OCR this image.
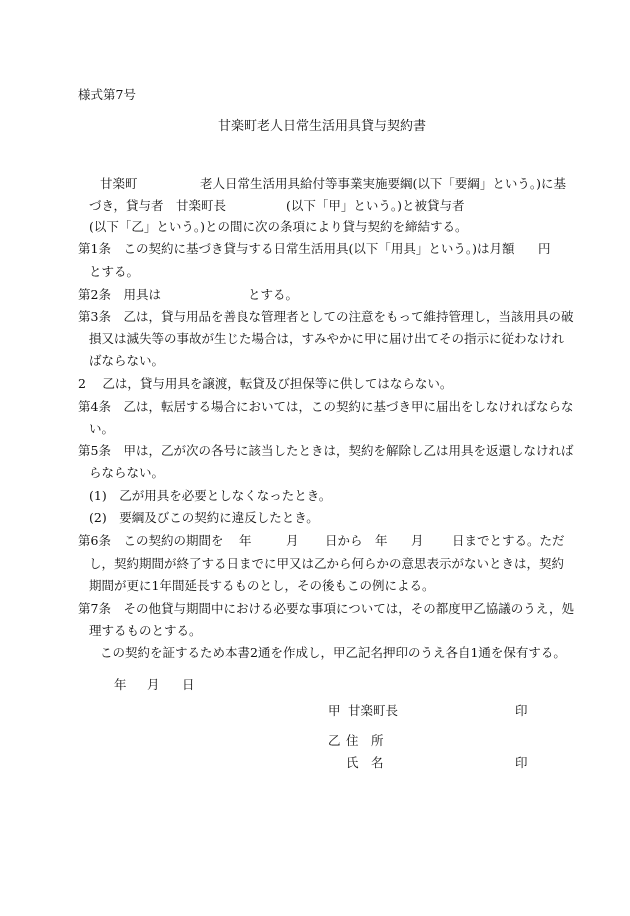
様式第7号
甘楽町老人日常生活用具貸与契約書
甘楽町	老人日常生活用具給付等事業実施要綱(以下「要綱」という。)に基
づき，貸与者　甘楽町長	(以下「甲」という。)と被貸与者
(以下「乙」という。)との間に次の条項により貸与契約を締結する。
第1条　この契約に基づき貸与する日常生活用具(以下「用具」という。)は月額 円
とする。
第2条　用具は	とする。
第3条　乙は，貸与用品を善良な管理者としての注意をもって維持管理し，当該用具の破
損又は滅失等の事故が生じた場合は，すみやかに甲に届け出てその指示に従わなけれ
ばならない。
2　 乙は，貸与用具を譲渡，転貸及び担保等に供してはならない。
第4条　乙は，転居する場合においては，この契約に基づき甲に届出をしなければならな
い。
第5条　甲は，乙が次の各号に該当したときは，契約を解除し乙は用具を返還しなければ
らならない。
(1)　乙が用具を必要としなくなったとき。
(2)　要綱及びこの契約に違反したとき。
第6条　この契約の期間を 年	月 日から 年 月 日までとする。ただ
し，契約期間が終了する日までに甲又は乙から何らかの意思表示がないときは，契約
期間が更に1年間延長するものとし，その後もこの例による。
第7条　その他貸与期間中における必要な事項については，その都度甲乙協議のうえ，処
理するものとする。
この契約を証するため本書2通を作成し，甲乙記名押印のうえ各自1通を保有する。
年 月 日
甲 甘楽町長	印
乙 住　所
氏　名	印
